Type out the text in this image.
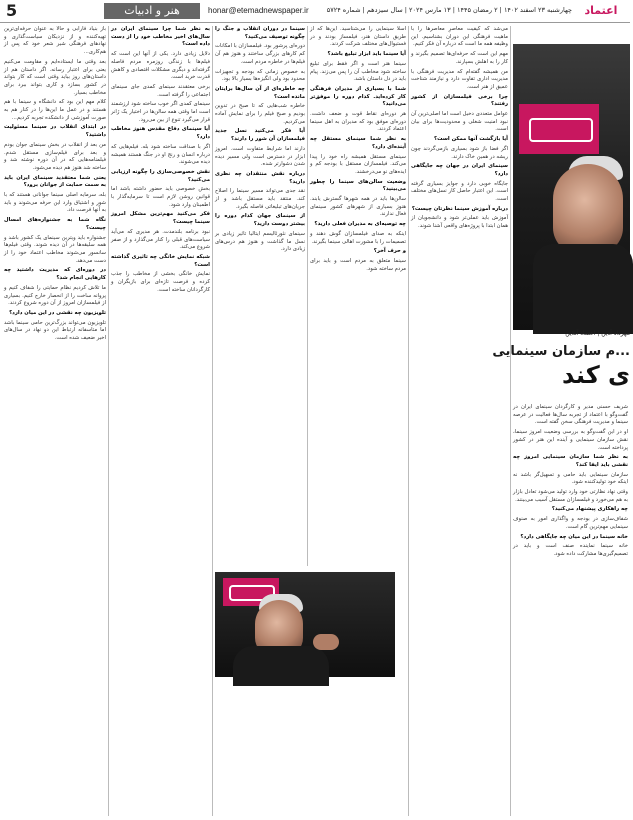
5	هنر و ادبیات	honar@etemadnewspaper.ir	چهارشنبه ۲۳ اسفند ۱۴۰۲ | ۲ رمضان ۱۴۴۵ | ۱۳ مارس ۲۰۲۴ | سال سیزدهم | شماره ۵۷۲۴	اعتماد
باز بنیاد فارابی و حالا به عنوان حرفه‌ای‌ترین تهیه‌کننده و از نزدیکان سیاست‌گذاری و نهادهای فرهنگی شیر شعر خود که پس از هم‌کاری...
بعد وقتی ما ایستاده‌ایم و مقاومت می‌کنیم یعنی برای اعتبار رسانه. اگر داستان هم از داستان‌های روز بیاید وقتی است که کار بتواند در کشور بسازد و کاری بتواند ببرد برای مخاطب بسیار.
کلام مهم این بود که دانشگاه و سینما با هم هستند و در عمل ما این‌ها را در کنار هم به صورت آموزشی از دانشکده تجربه کردیم...
در ابتدای انقلاب در سینما مسئولیت داشتید؟
من بعد از انقلاب در بخش سینمای جوان بودم و بعد برای فیلم‌سازی مستقل شدم. فیلمنامه‌هایی که در آن دوره نوشته شد و ساخته شد هنوز هم دیده می‌شود.
یعنی شما معتقدید سینمای ایران باید به سمت حمایت از جوانان برود؟
بله، سرمایه اصلی سینما جوانانی هستند که با شور و اشتیاق وارد این حرفه می‌شوند و باید به آنها فرصت داد.
نگاه شما به جشنواره‌های امسال چیست؟
جشنواره باید ویترین سینمای یک کشور باشد و همه سلیقه‌ها در آن دیده شوند. وقتی فیلم‌ها سانسور می‌شوند مخاطب اعتماد خود را از دست می‌دهد.
در دوره‌ای که مدیریت داشتید چه کارهایی انجام شد؟
ما تلاش کردیم نظام حمایتی را شفاف کنیم و پروانه ساخت را از انحصار خارج کنیم. بسیاری از فیلمسازان امروز از آن دوره شروع کردند.
تلویزیون چه نقشی در این میان دارد؟
تلویزیون می‌تواند بزرگ‌ترین حامی سینما باشد اما متاسفانه ارتباط این دو نهاد در سال‌های اخیر ضعیف شده است.
به نظر شما چرا سینمای ایران در سال‌های اخیر مخاطب خود را از دست داده است؟
دلایل زیادی دارد. یکی از آنها این است که فیلم‌ها با زندگی روزمره مردم فاصله گرفته‌اند و دیگری مشکلات اقتصادی و کاهش قدرت خرید است.
برخی معتقدند سینمای کمدی جای سینمای اجتماعی را گرفته است.
سینمای کمدی اگر خوب ساخته شود ارزشمند است اما وقتی همه سالن‌ها در اختیار یک ژانر قرار می‌گیرد تنوع از بین می‌رود.
آیا سینمای دفاع مقدس هنوز مخاطب دارد؟
اگر با صداقت ساخته شود بله. فیلم‌هایی که درباره انسان و رنج او در جنگ هستند همیشه دیده می‌شوند.
نقش خصوصی‌سازی را چگونه ارزیابی می‌کنید؟
بخش خصوصی باید حضور داشته باشد اما قوانین روشن لازم است تا سرمایه‌گذار با اطمینان وارد شود.
فکر می‌کنید مهم‌ترین مشکل امروز سینما چیست؟
نبود برنامه بلندمدت. هر مدیری که می‌آید سیاست‌های قبلی را کنار می‌گذارد و از صفر شروع می‌کند.
شبکه نمایش خانگی چه تاثیری گذاشته است؟
نمایش خانگی بخشی از مخاطب را جذب کرده و فرصت تازه‌ای برای بازیگران و کارگردانان ساخته است.
سینما در دوران انقلاب و جنگ را چگونه توصیف می‌کنید؟
دوره‌ای پرشور بود. فیلمسازان با امکانات کم کارهای بزرگی ساختند و هنوز هم آن فیلم‌ها در خاطره مردم است.
به خصوص زمانی که بودجه و تجهیزات محدود بود ولی انگیزه‌ها بسیار بالا بود.
چه خاطره‌ای از آن سال‌ها برایتان مانده است؟
خاطره شب‌هایی که تا صبح در تدوین بودیم و صبح فیلم را برای نمایش آماده می‌کردیم.
آیا فکر می‌کنید نسل جدید فیلمسازان آن شور را دارند؟
دارند اما شرایط متفاوت است. امروز ابزار در دسترس است ولی مسیر دیده شدن دشوارتر شده.
درباره نقش منتقدان چه نظری دارید؟
نقد جدی می‌تواند مسیر سینما را اصلاح کند. منتقد باید مستقل باشد و از جریان‌های تبلیغاتی فاصله بگیرد.
از سینمای جهان کدام دوره را بیشتر دوست دارید؟
سینمای نئورئالیسم ایتالیا تاثیر زیادی بر نسل ما گذاشت و هنوز هم درس‌های زیادی دارد.
اسلا سینمایی را می‌شناسید. این‌ها که از طریق داستان هنر، فیلمساز بودند و در فستیوال‌های مختلف شرکت کردند.
آیا سینما باید ابزار تبلیغ باشد؟
سینما هنر است و اگر فقط برای تبلیغ ساخته شود مخاطب آن را پس می‌زند. پیام باید در دل داستان باشد.
شما با بسیاری از مدیران فرهنگی کار کرده‌اید. کدام دوره را موفق‌تر می‌دانید؟
هر دوره‌ای نقاط قوت و ضعف داشت. دوره‌ای موفق بود که مدیران به اهل سینما اعتماد کردند.
به نظر شما سینمای مستقل چه آینده‌ای دارد؟
سینمای مستقل همیشه راه خود را پیدا می‌کند. فیلمسازان مستقل با بودجه کم و ایده‌های نو می‌درخشند.
وضعیت سالن‌های سینما را چطور می‌بینید؟
سالن‌ها باید در همه شهرها گسترش یابند. هنوز بسیاری از شهرهای کشور سینمای فعال ندارند.
چه توصیه‌ای به مدیران فعلی دارید؟
اینکه به صدای فیلمسازان گوش دهند و تصمیمات را با مشورت اهالی سینما بگیرند.
و حرف آخر؟
سینما متعلق به مردم است و باید برای مردم ساخته شود.
می‌شد که کیفیت معاصرِ معاصرها را با ماهیت فرهنگی این دوران بشناسیم. این وظیفه همه ما است که درباره آن فکر کنیم.
مهم این است که حرفه‌ای‌ها تصمیم بگیرند و کار را به اهلش بسپارند.
من همیشه گفته‌ام که مدیریت فرهنگی با مدیریت اداری تفاوت دارد و نیازمند شناخت عمیق از هنر است.
چرا برخی فیلمسازان از کشور رفتند؟
عوامل متعددی دخیل است اما اصلی‌ترین آن نبود امنیت شغلی و محدودیت‌ها برای بیان است.
آیا بازگشت آنها ممکن است؟
اگر فضا باز شود بسیاری بازمی‌گردند چون ریشه در همین خاک دارند.
سینمای ایران در جهان چه جایگاهی دارد؟
جایگاه خوبی دارد و جوایز بسیاری گرفته است. این اعتبار حاصل کار نسل‌های مختلف است.
درباره آموزش سینما نظرتان چیست؟
آموزش باید عملی‌تر شود و دانشجویان از همان ابتدا با پروژه‌های واقعی آشنا شوند.
مهرداد آذین | اعتماد آنلاین
...م سازمان سینمایی
ی کند
شریف حسنی مدیر و کارگردان سینمای ایران در گفت‌وگو با اعتماد از تجربه سال‌ها فعالیت در عرصه سینما و مدیریت فرهنگی سخن گفته است.
او در این گفت‌وگو به بررسی وضعیت امروز سینما، نقش سازمان سینمایی و آینده این هنر در کشور پرداخته است.
به نظر شما سازمان سینمایی امروز چه نقشی باید ایفا کند؟
سازمان سینمایی باید حامی و تسهیل‌گر باشد نه اینکه خود تولیدکننده شود.
وقتی نهاد نظارتی خود وارد تولید می‌شود تعادل بازار به هم می‌خورد و فیلمسازان مستقل آسیب می‌بینند.
چه راهکاری پیشنهاد می‌کنید؟
شفاف‌سازی در بودجه و واگذاری امور به صنوف سینمایی مهم‌ترین گام است.
خانه سینما در این میان چه جایگاهی دارد؟
خانه سینما نماینده صنف است و باید در تصمیم‌گیری‌ها مشارکت داده شود.
